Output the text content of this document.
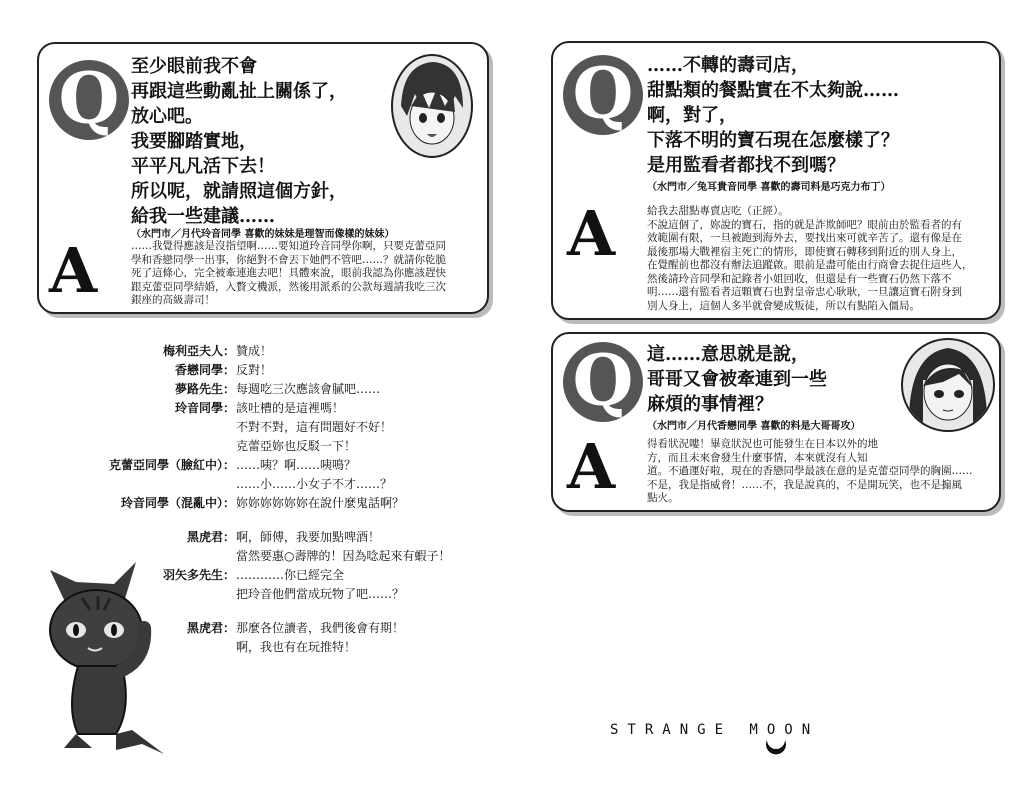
Q 至少眼前我不會
再跟這些動亂扯上關係了，
放心吧。
我要腳踏實地，
平平凡凡活下去！
所以呢，就請照這個方針，
給我一些建議……
（水門市／月代玲音同學 喜歡的妹妹是理智而像樣的妹妹）
A	……我覺得應該是沒指望啊……要知道玲音同學你啊，只要克蕾亞同
學和香戀同學一出事，你絕對不會丟下她們不管吧……？就請你乾脆
死了這條心，完全被牽連進去吧！具體來說，眼前我認為你應該趕快
跟克蕾亞同學結婚，入贅文機派，然後用派系的公款每週請我吃三次
銀座的高級壽司！
Q ……不轉的壽司店，
甜點類的餐點實在不太夠說……
啊，對了，
下落不明的寶石現在怎麼樣了？
是用監看者都找不到嗎？
（水門市／兔耳貴音同學 喜歡的壽司料是巧克力布丁）
A	給我去甜點專賣店吃（正經）。
不說這個了，妳說的寶石，指的就是詐欺師吧？眼前由於監看者的有
效範圍有限，一旦被跑到海外去，要找出來可就辛苦了。還有像是在
最後那場大戰裡宿主死亡的情形，即使寶石轉移到附近的別人身上，
在覺醒前也都沒有辦法追蹤啟。眼前是盡可能由行商會去捉住這些人，
然後請玲音同學和記錄者小姐回收，但還是有一些寶石仍然下落不
明……還有監看者這顆寶石也對皇帝忠心耿耿，一旦讓這寶石附身到
別人身上，這個人多半就會變成叛徒，所以有點陷入僵局。
Q 這……意思就是說，
哥哥又會被牽連到一些
麻煩的事情裡？
（水門市／月代香戀同學 喜歡的料是大哥哥攻）
A	得看狀況嘍！畢竟狀況也可能發生在日本以外的地
方，而且未來會發生什麼事情，本來就沒有人知
道。不過運好啦，現在的香戀同學最該在意的是克蕾亞同學的胸圍……
不是，我是指威脅！……不，我是說真的，不是開玩笑，也不是搧風
點火。
梅利亞夫人： 贊成！
香戀同學： 反對！
夢路先生： 每週吃三次應該會膩吧……
玲音同學： 該吐槽的是這裡嗎！
不對不對，這有問題好不好！
克蕾亞妳也反駁一下！
克蕾亞同學（臉紅中）： ……咦？啊……咦鳴？
……小……小女子不才……？
玲音同學（混亂中）： 妳妳妳妳妳妳在說什麼鬼話啊？
黑虎君： 啊，師傅，我要加點啤酒！
當然要惠○壽牌的！因為唸起來有蝦子！
羽矢多先生： …………你已經完全
把玲音他們當成玩物了吧……？
黑虎君： 那麼各位讀者，我們後會有期！
啊，我也有在玩推特！
STRANGE MOON
